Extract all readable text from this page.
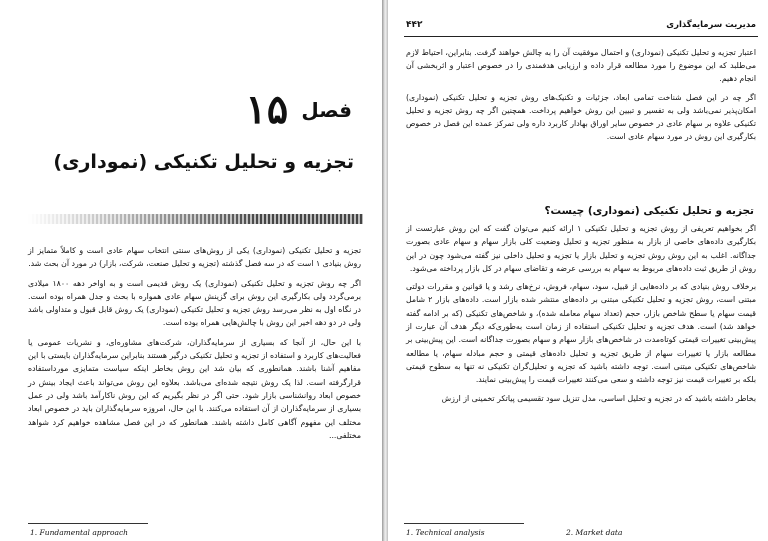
۱۵ فصل
تجزیه و تحلیل تکنیکی (نموداری)

تجزیه و تحلیل تکنیکی (نموداری) یکی از روش‌های سنتی انتخاب سهام عادی است و کاملاً متمایز از روش بنیادی ۱ است که در سه فصل گذشته (تجزیه و تحلیل صنعت، شرکت، بازار) در مورد آن بحث شد.

اگر چه روش تجزیه و تحلیل تکنیکی (نموداری) یک روش قدیمی است و به اواخر دهه ۱۸۰۰ میلادی برمی‌گردد ولی بکارگیری این روش برای گزینش سهام عادی همواره با بحث و جدل همراه بوده است. در نگاه اول به نظر می‌رسد روش تجزیه و تحلیل تکنیکی (نموداری) یک روش قابل قبول و متداولی باشد ولی در دو دهه اخیر این روش با چالش‌هایی همراه بوده است.

با این حال، از آنجا که بسیاری از سرمایه‌گذاران، شرکت‌های مشاوره‌ای، و نشریات عمومی یا فعالیت‌های کاربرد و استفاده از تجزیه و تحلیل تکنیکی درگیر هستند بنابراین سرمایه‌گذاران بایستی با این مفاهیم آشنا باشند. همانطوری که بیان شد این روش بخاطر اینکه سیاست متمایزی مورداستفاده قرارگرفته است. لذا یک روش نتیجه شده‌ای می‌باشد. بعلاوه این روش می‌تواند باعث ایجاد بینش در خصوص ابعاد روانشناسی بازار شود. حتی اگر در نظر بگیریم که این روش ناکارآمد باشد ولی در عمل بسیاری از سرمایه‌گذاران از آن استفاده می‌کنند. با این حال، امروزه سرمایه‌گذاران باید در خصوص ابعاد مختلف این مفهوم آگاهی کامل داشته باشند. همانطور که در این فصل مشاهده خواهیم کرد شواهد مختلفی...

1. Fundamental approach
۴۴۲	مدیریت سرمایه‌گذاری

اعتبار تجزیه و تحلیل تکنیکی (نموداری) و احتمال موفقیت آن را به چالش خواهند گرفت. بنابراین، احتیاط لازم می‌طلبد که این موضوع را مورد مطالعه قرار داده و ارزیابی هدفمندی را در خصوص اعتبار و اثربخشی آن انجام دهیم.

اگر چه در این فصل شناخت تمامی ابعاد، جزئیات و تکنیک‌های روش تجزیه و تحلیل تکنیکی (نموداری) امکان‌پذیر نمی‌باشد ولی به تفسیر و تبیین این روش خواهیم پرداخت. همچنین اگر چه روش تجزیه و تحلیل تکنیکی علاوه بر سهام عادی در خصوص سایر اوراق بهادار کاربرد داره ولی تمرکز عمده این فصل در خصوص بکارگیری این روش در مورد سهام عادی است.

تجزیه و تحلیل تکنیکی (نموداری) چیست؟

اگر بخواهیم تعریفی از روش تجزیه و تحلیل تکنیکی ۱ ارائه کنیم می‌توان گفت که این روش عبارتست از بکارگیری داده‌های خاصی از بازار به منظور تجزیه و تحلیل وضعیت کلی بازار سهام و سهام عادی بصورت جداگانه. اغلب به این روش روش تجزیه و تحلیل بازار یا تجزیه و تحلیل داخلی نیز گفته می‌شود چون در این روش از طریق ثبت داده‌های مربوط به سهام به بررسی عرضه و تقاضای سهام در کل بازار پرداخته می‌شود.

برخلاف روش بنیادی که بر داده‌هایی از قبیل، سود، سهام، فروش، نرخ‌های رشد و یا قوانین و مقررات دولتی مبتنی است، روش تجزیه و تحلیل تکنیکی مبتنی بر داده‌های منتشر شده بازار است. داده‌های بازار ۲ شامل قیمت سهام یا سطح شاخص بازار، حجم (تعداد سهام معامله شده)، و شاخص‌های تکنیکی (که بر ادامه گفته خواهد شد) است. هدف تجزیه و تحلیل تکنیکی استفاده از زمان است به‌طوری‌که دیگر هدف آن عبارت از پیش‌بینی تغییرات قیمتی کوتاه‌مدت در شاخص‌های بازار سهام و سهام بصورت جداگانه است. این پیش‌بینی بر مطالعه بازار یا تغییرات سهام از طریق تجزیه و تحلیل داده‌های قیمتی و حجم مبادله سهام، یا مطالعه شاخص‌های تکنیکی مبتنی است. توجه داشته باشید که تجزیه و تحلیل‌گران تکنیکی نه تنها به سطوح قیمتی بلکه بر تغییرات قیمت نیز توجه داشته و سعی می‌کنند تغییرات قیمت را پیش‌بینی نمایند.

بخاطر داشته باشید که در تجزیه و تحلیل اساسی، مدل تنزیل سود تقسیمی پیاتکر تخمینی از ارزش

1. Technical analysis	2. Market data
